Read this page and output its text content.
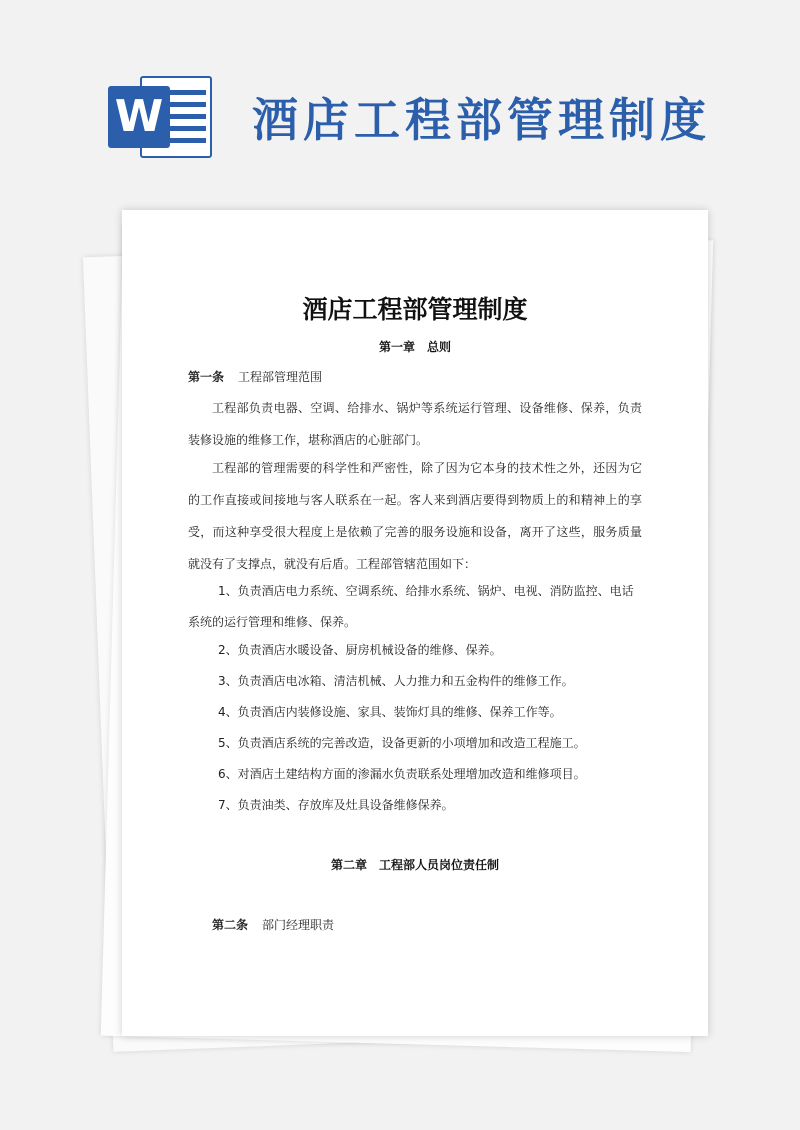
W 酒店工程部管理制度
酒店工程部管理制度
第一章　总则
第一条 工程部管理范围
工程部负责电器、空调、给排水、锅炉等系统运行管理、设备维修、保养，负责装修设施的维修工作，堪称酒店的心脏部门。
工程部的管理需要的科学性和严密性，除了因为它本身的技术性之外，还因为它的工作直接或间接地与客人联系在一起。客人来到酒店要得到物质上的和精神上的享受，而这种享受很大程度上是依赖了完善的服务设施和设备，离开了这些，服务质量就没有了支撑点，就没有后盾。工程部管辖范围如下：
1、负责酒店电力系统、空调系统、给排水系统、锅炉、电视、消防监控、电话系统的运行管理和维修、保养。
2、负责酒店水暖设备、厨房机械设备的维修、保养。
3、负责酒店电冰箱、清洁机械、人力推力和五金构件的维修工作。
4、负责酒店内装修设施、家具、装饰灯具的维修、保养工作等。
5、负责酒店系统的完善改造，设备更新的小项增加和改造工程施工。
6、对酒店土建结构方面的渗漏水负责联系处理增加改造和维修项目。
7、负责油类、存放库及灶具设备维修保养。
第二章　工程部人员岗位责任制
第二条 部门经理职责
